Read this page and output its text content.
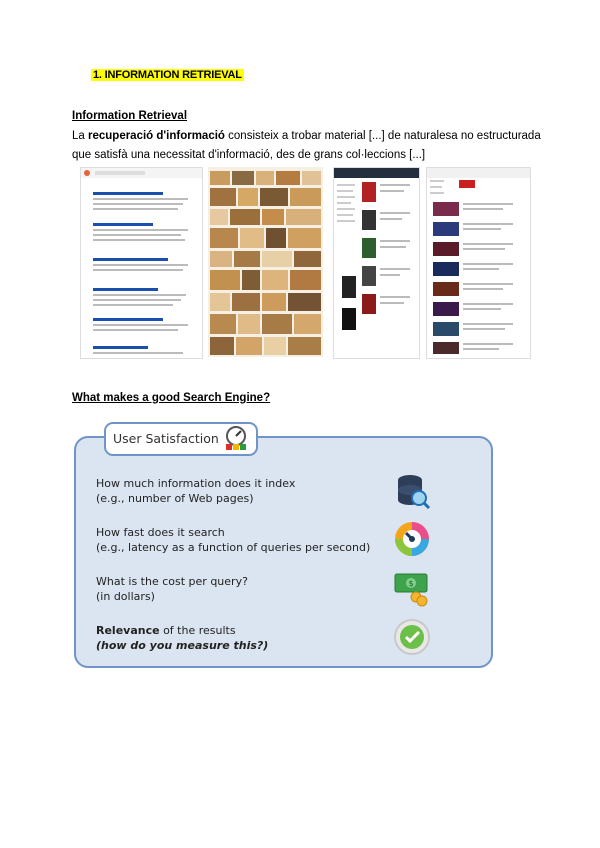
1. INFORMATION RETRIEVAL
Information Retrieval
La recuperació d'informació consisteix a trobar material [...] de naturalesa no estructurada que satisfà una necessitat d'informació, des de grans col·leccions [...]
What makes a good Search Engine?
User Satisfaction
How much information does it index
(e.g., number of Web pages)
How fast does it search
(e.g., latency as a function of queries per second)
What is the cost per query?
(in dollars)
$
Relevance of the results
(how do you measure this?)
